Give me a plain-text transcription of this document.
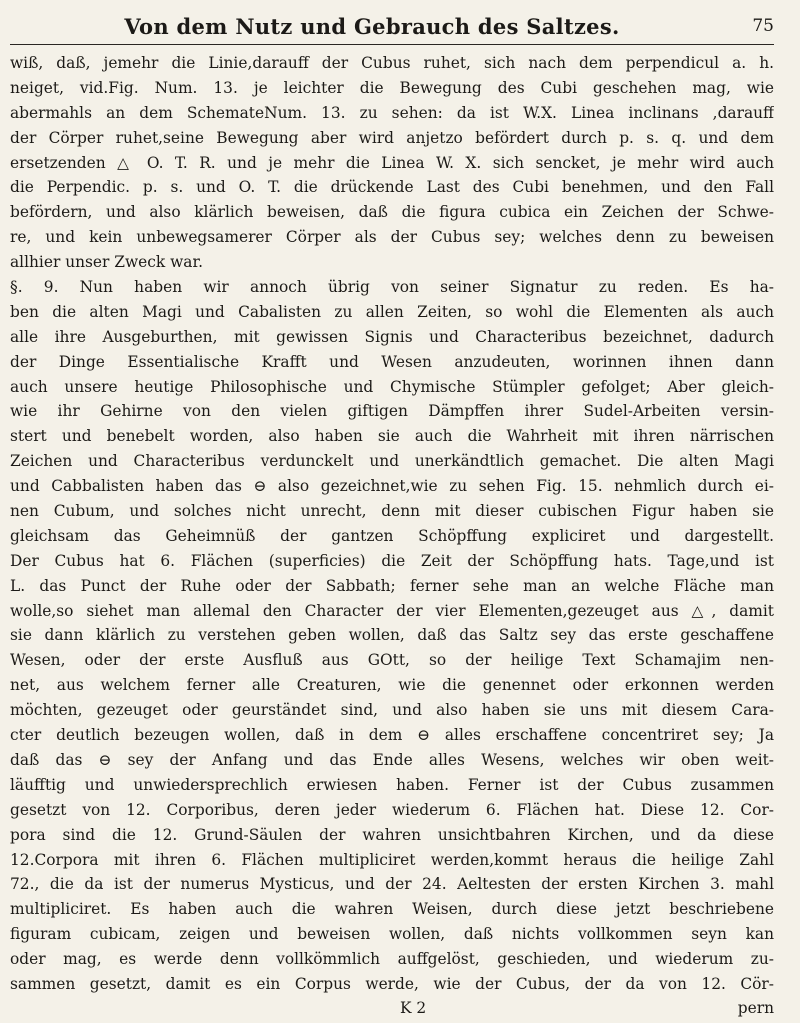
Von dem Nutz und Gebrauch des Saltzes.	75
wiß, daß, jemehr die Linie,darauff der Cubus ruhet, sich nach dem perpendicul a. h.
neiget, vid.Fig. Num. 13. je leichter die Bewegung des Cubi geschehen mag, wie
abermahls an dem SchemateNum. 13. zu sehen: da ist W.X. Linea inclinans ,darauff
der Cörper ruhet,seine Bewegung aber wird anjetzo befördert durch p. s. q. und dem
ersetzenden △ O. T. R. und je mehr die Linea W. X. sich sencket, je mehr wird auch
die Perpendic. p. s. und O. T. die drückende Last des Cubi benehmen, und den Fall
befördern, und also klärlich beweisen, daß die figura cubica ein Zeichen der Schwe-
re, und kein unbewegsamerer Cörper als der Cubus sey; welches denn zu beweisen
allhier unser Zweck war.
§. 9. Nun haben wir annoch übrig von seiner Signatur zu reden. Es ha-
ben die alten Magi und Cabalisten zu allen Zeiten, so wohl die Elementen als auch
alle ihre Ausgeburthen, mit gewissen Signis und Characteribus bezeichnet, dadurch
der Dinge Essentialische Krafft und Wesen anzudeuten, worinnen ihnen dann
auch unsere heutige Philosophische und Chymische Stümpler gefolget; Aber gleich-
wie ihr Gehirne von den vielen giftigen Dämpffen ihrer Sudel-Arbeiten versin-
stert und benebelt worden, also haben sie auch die Wahrheit mit ihren närrischen
Zeichen und Characteribus verdunckelt und unerkändtlich gemachet. Die alten Magi
und Cabbalisten haben das ⊖ also gezeichnet,wie zu sehen Fig. 15. nehmlich durch ei-
nen Cubum, und solches nicht unrecht, denn mit dieser cubischen Figur haben sie
gleichsam das Geheimnüß der gantzen Schöpffung expliciret und dargestellt.
Der Cubus hat 6. Flächen (superficies) die Zeit der Schöpffung hats. Tage,und ist
L. das Punct der Ruhe oder der Sabbath; ferner sehe man an welche Fläche man
wolle,so siehet man allemal den Character der vier Elementen,gezeuget aus △, damit
sie dann klärlich zu verstehen geben wollen, daß das Saltz sey das erste geschaffene
Wesen, oder der erste Ausfluß aus GOtt, so der heilige Text Schamajim nen-
net, aus welchem ferner alle Creaturen, wie die genennet oder erkonnen werden
möchten, gezeuget oder geurständet sind, und also haben sie uns mit diesem Cara-
cter deutlich bezeugen wollen, daß in dem ⊖ alles erschaffene concentriret sey; Ja
daß das ⊖ sey der Anfang und das Ende alles Wesens, welches wir oben weit-
läufftig und unwiedersprechlich erwiesen haben. Ferner ist der Cubus zusammen
gesetzt von 12. Corporibus, deren jeder wiederum 6. Flächen hat. Diese 12. Cor-
pora sind die 12. Grund-Säulen der wahren unsichtbahren Kirchen, und da diese
12.Corpora mit ihren 6. Flächen multipliciret werden,kommt heraus die heilige Zahl
72., die da ist der numerus Mysticus, und der 24. Aeltesten der ersten Kirchen 3. mahl
multipliciret. Es haben auch die wahren Weisen, durch diese jetzt beschriebene
figuram cubicam, zeigen und beweisen wollen, daß nichts vollkommen seyn kan
oder mag, es werde denn vollkömmlich auffgelöst, geschieden, und wiederum zu-
sammen gesetzt, damit es ein Corpus werde, wie der Cubus, der da von 12. Cör-
K 2	pern
